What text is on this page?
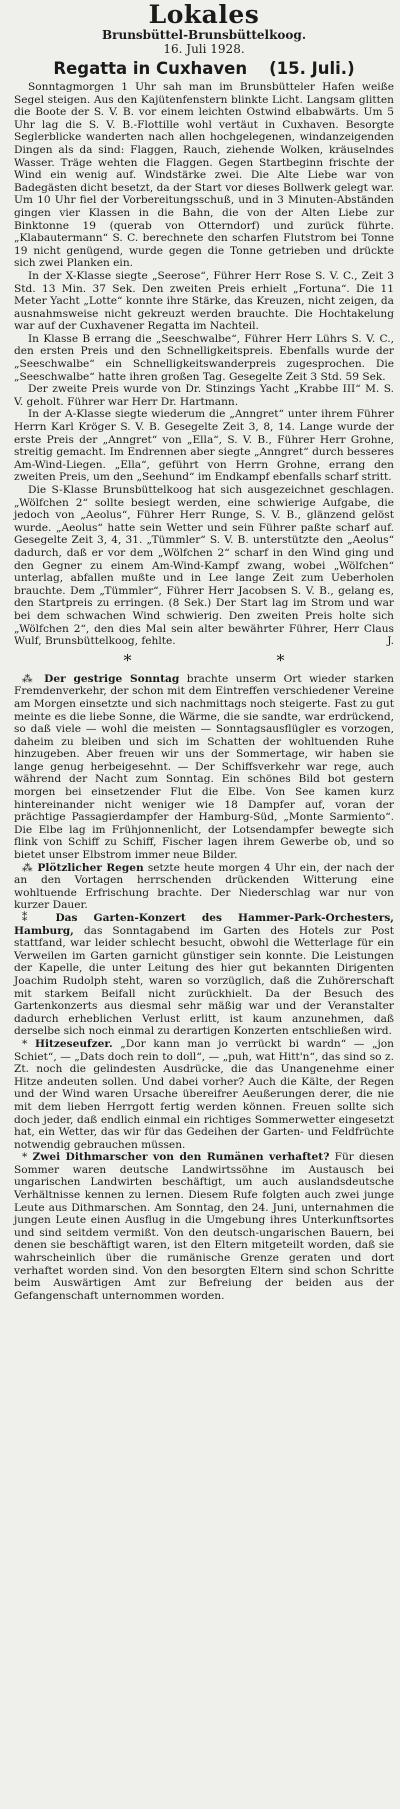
Lokales
Brunsbüttel-Brunsbüttelkoog.
16. Juli 1928.
Regatta in Cuxhaven (15. Juli.)

Sonntagmorgen 1 Uhr sah man im Brunsbütteler Hafen weiße Segel steigen. Aus den Kajütenfenstern blinkte Licht. Langsam glitten die Boote der S. V. B. vor einem leichten Ostwind elbabwärts. Um 5 Uhr lag die S. V. B.-Flottille wohl vertäut in Cuxhaven. Besorgte Seglerblicke wanderten nach allen hochgelegenen, windanzeigenden Dingen als da sind: Flaggen, Rauch, ziehende Wolken, kräuselndes Wasser. Träge wehten die Flaggen. Gegen Startbeginn frischte der Wind ein wenig auf. Windstärke zwei. Die Alte Liebe war von Badegästen dicht besetzt, da der Start vor dieses Bollwerk gelegt war. Um 10 Uhr fiel der Vorbereitungsschuß, und in 3 Minuten-Abständen gingen vier Klassen in die Bahn, die von der Alten Liebe zur Binktonne 19 (querab von Otterndorf) und zurück führte. „Klabautermann“ S. C. berechnete den scharfen Flutstrom bei Tonne 19 nicht genügend, wurde gegen die Tonne getrieben und drückte sich zwei Planken ein.

In der X-Klasse siegte „Seerose“, Führer Herr Rose S. V. C., Zeit 3 Std. 13 Min. 37 Sek. Den zweiten Preis erhielt „Fortuna“. Die 11 Meter Yacht „Lotte“ konnte ihre Stärke, das Kreuzen, nicht zeigen, da ausnahmsweise nicht gekreuzt werden brauchte. Die Hochtakelung war auf der Cuxhavener Regatta im Nachteil.

In Klasse B errang die „Seeschwalbe“, Führer Herr Lührs S. V. C., den ersten Preis und den Schnelligkeitspreis. Ebenfalls wurde der „Seeschwalbe“ ein Schnelligkeitswanderpreis zugesprochen. Die „Seeschwalbe“ hatte ihren großen Tag. Gesegelte Zeit 3 Std. 59 Sek.

Der zweite Preis wurde von Dr. Stinzings Yacht „Krabbe III“ M. S. V. geholt. Führer war Herr Dr. Hartmann.

In der A-Klasse siegte wiederum die „Anngret“ unter ihrem Führer Herrn Karl Kröger S. V. B. Gesegelte Zeit 3, 8, 14. Lange wurde der erste Preis der „Anngret“ von „Ella“, S. V. B., Führer Herr Grohne, streitig gemacht. Im Endrennen aber siegte „Anngret“ durch besseres Am-Wind-Liegen. „Ella“, geführt von Herrn Grohne, errang den zweiten Preis, um den „Seehund“ im Endkampf ebenfalls scharf stritt.

Die S-Klasse Brunsbüttelkoog hat sich ausgezeichnet geschlagen. „Wölfchen 2“ sollte besiegt werden, eine schwierige Aufgabe, die jedoch von „Aeolus“, Führer Herr Runge, S. V. B., glänzend gelöst wurde. „Aeolus“ hatte sein Wetter und sein Führer paßte scharf auf. Gesegelte Zeit 3, 4, 31. „Tümmler“ S. V. B. unterstützte den „Aeolus“ dadurch, daß er vor dem „Wölfchen 2“ scharf in den Wind ging und den Gegner zu einem Am-Wind-Kampf zwang, wobei „Wölfchen“ unterlag, abfallen mußte und in Lee lange Zeit zum Ueberholen brauchte. Dem „Tümmler“, Führer Herr Jacobsen S. V. B., gelang es, den Startpreis zu erringen. (8 Sek.) Der Start lag im Strom und war bei dem schwachen Wind schwierig. Den zweiten Preis holte sich „Wölfchen 2“, den dies Mal sein alter bewährter Führer, Herr Claus Wulf, Brunsbüttelkoog, fehlte.	J.

* *

⁂ Der gestrige Sonntag brachte unserm Ort wieder starken Fremdenverkehr, der schon mit dem Eintreffen verschiedener Vereine am Morgen einsetzte und sich nachmittags noch steigerte. Fast zu gut meinte es die liebe Sonne, die Wärme, die sie sandte, war erdrückend, so daß viele — wohl die meisten — Sonntagsausflügler es vorzogen, daheim zu bleiben und sich im Schatten der wohltuenden Ruhe hinzugeben. Aber freuen wir uns der Sommertage, wir haben sie lange genug herbeigesehnt. — Der Schiffsverkehr war rege, auch während der Nacht zum Sonntag. Ein schönes Bild bot gestern morgen bei einsetzender Flut die Elbe. Von See kamen kurz hintereinander nicht weniger wie 18 Dampfer auf, voran der prächtige Passagierdampfer der Hamburg-Süd, „Monte Sarmiento“. Die Elbe lag im Frühjonnenlicht, der Lotsendampfer bewegte sich flink von Schiff zu Schiff, Fischer lagen ihrem Gewerbe ob, und so bietet unser Elbstrom immer neue Bilder.

⁂ Plötzlicher Regen setzte heute morgen 4 Uhr ein, der nach der an den Vortagen herrschenden drückenden Witterung eine wohltuende Erfrischung brachte. Der Niederschlag war nur von kurzer Dauer.

⁑ Das Garten-Konzert des Hammer-Park-Orchesters, Hamburg, das Sonntagabend im Garten des Hotels zur Post stattfand, war leider schlecht besucht, obwohl die Wetterlage für ein Verweilen im Garten garnicht günstiger sein konnte. Die Leistungen der Kapelle, die unter Leitung des hier gut bekannten Dirigenten Joachim Rudolph steht, waren so vorzüglich, daß die Zuhörerschaft mit starkem Beifall nicht zurückhielt. Da der Besuch des Gartenkonzerts aus diesmal sehr mäßig war und der Veranstalter dadurch erheblichen Verlust erlitt, ist kaum anzunehmen, daß derselbe sich noch einmal zu derartigen Konzerten entschließen wird.

* Hitzeseufzer. „Dor kann man jo verrückt bi wardn“ — „jon Schiet“, — „Dats doch rein to doll“, — „puh, wat Hitt'n“, das sind so z. Zt. noch die gelindesten Ausdrücke, die das Unangenehme einer Hitze andeuten sollen. Und dabei vorher? Auch die Kälte, der Regen und der Wind waren Ursache übereifrer Aeußerungen derer, die nie mit dem lieben Herrgott fertig werden können. Freuen sollte sich doch jeder, daß endlich einmal ein richtiges Sommerwetter eingesetzt hat, ein Wetter, das wir für das Gedeihen der Garten- und Feldfrüchte notwendig gebrauchen müssen.

* Zwei Dithmarscher von den Rumänen verhaftet? Für diesen Sommer waren deutsche Landwirtssöhne im Austausch bei ungarischen Landwirten beschäftigt, um auch auslandsdeutsche Verhältnisse kennen zu lernen. Diesem Rufe folgten auch zwei junge Leute aus Dithmarschen. Am Sonntag, den 24. Juni, unternahmen die jungen Leute einen Ausflug in die Umgebung ihres Unterkunftsortes und sind seitdem vermißt. Von den deutsch-ungarischen Bauern, bei denen sie beschäftigt waren, ist den Eltern mitgeteilt worden, daß sie wahrscheinlich über die rumänische Grenze geraten und dort verhaftet worden sind. Von den besorgten Eltern sind schon Schritte beim Auswärtigen Amt zur Befreiung der beiden aus der Gefangenschaft unternommen worden.
